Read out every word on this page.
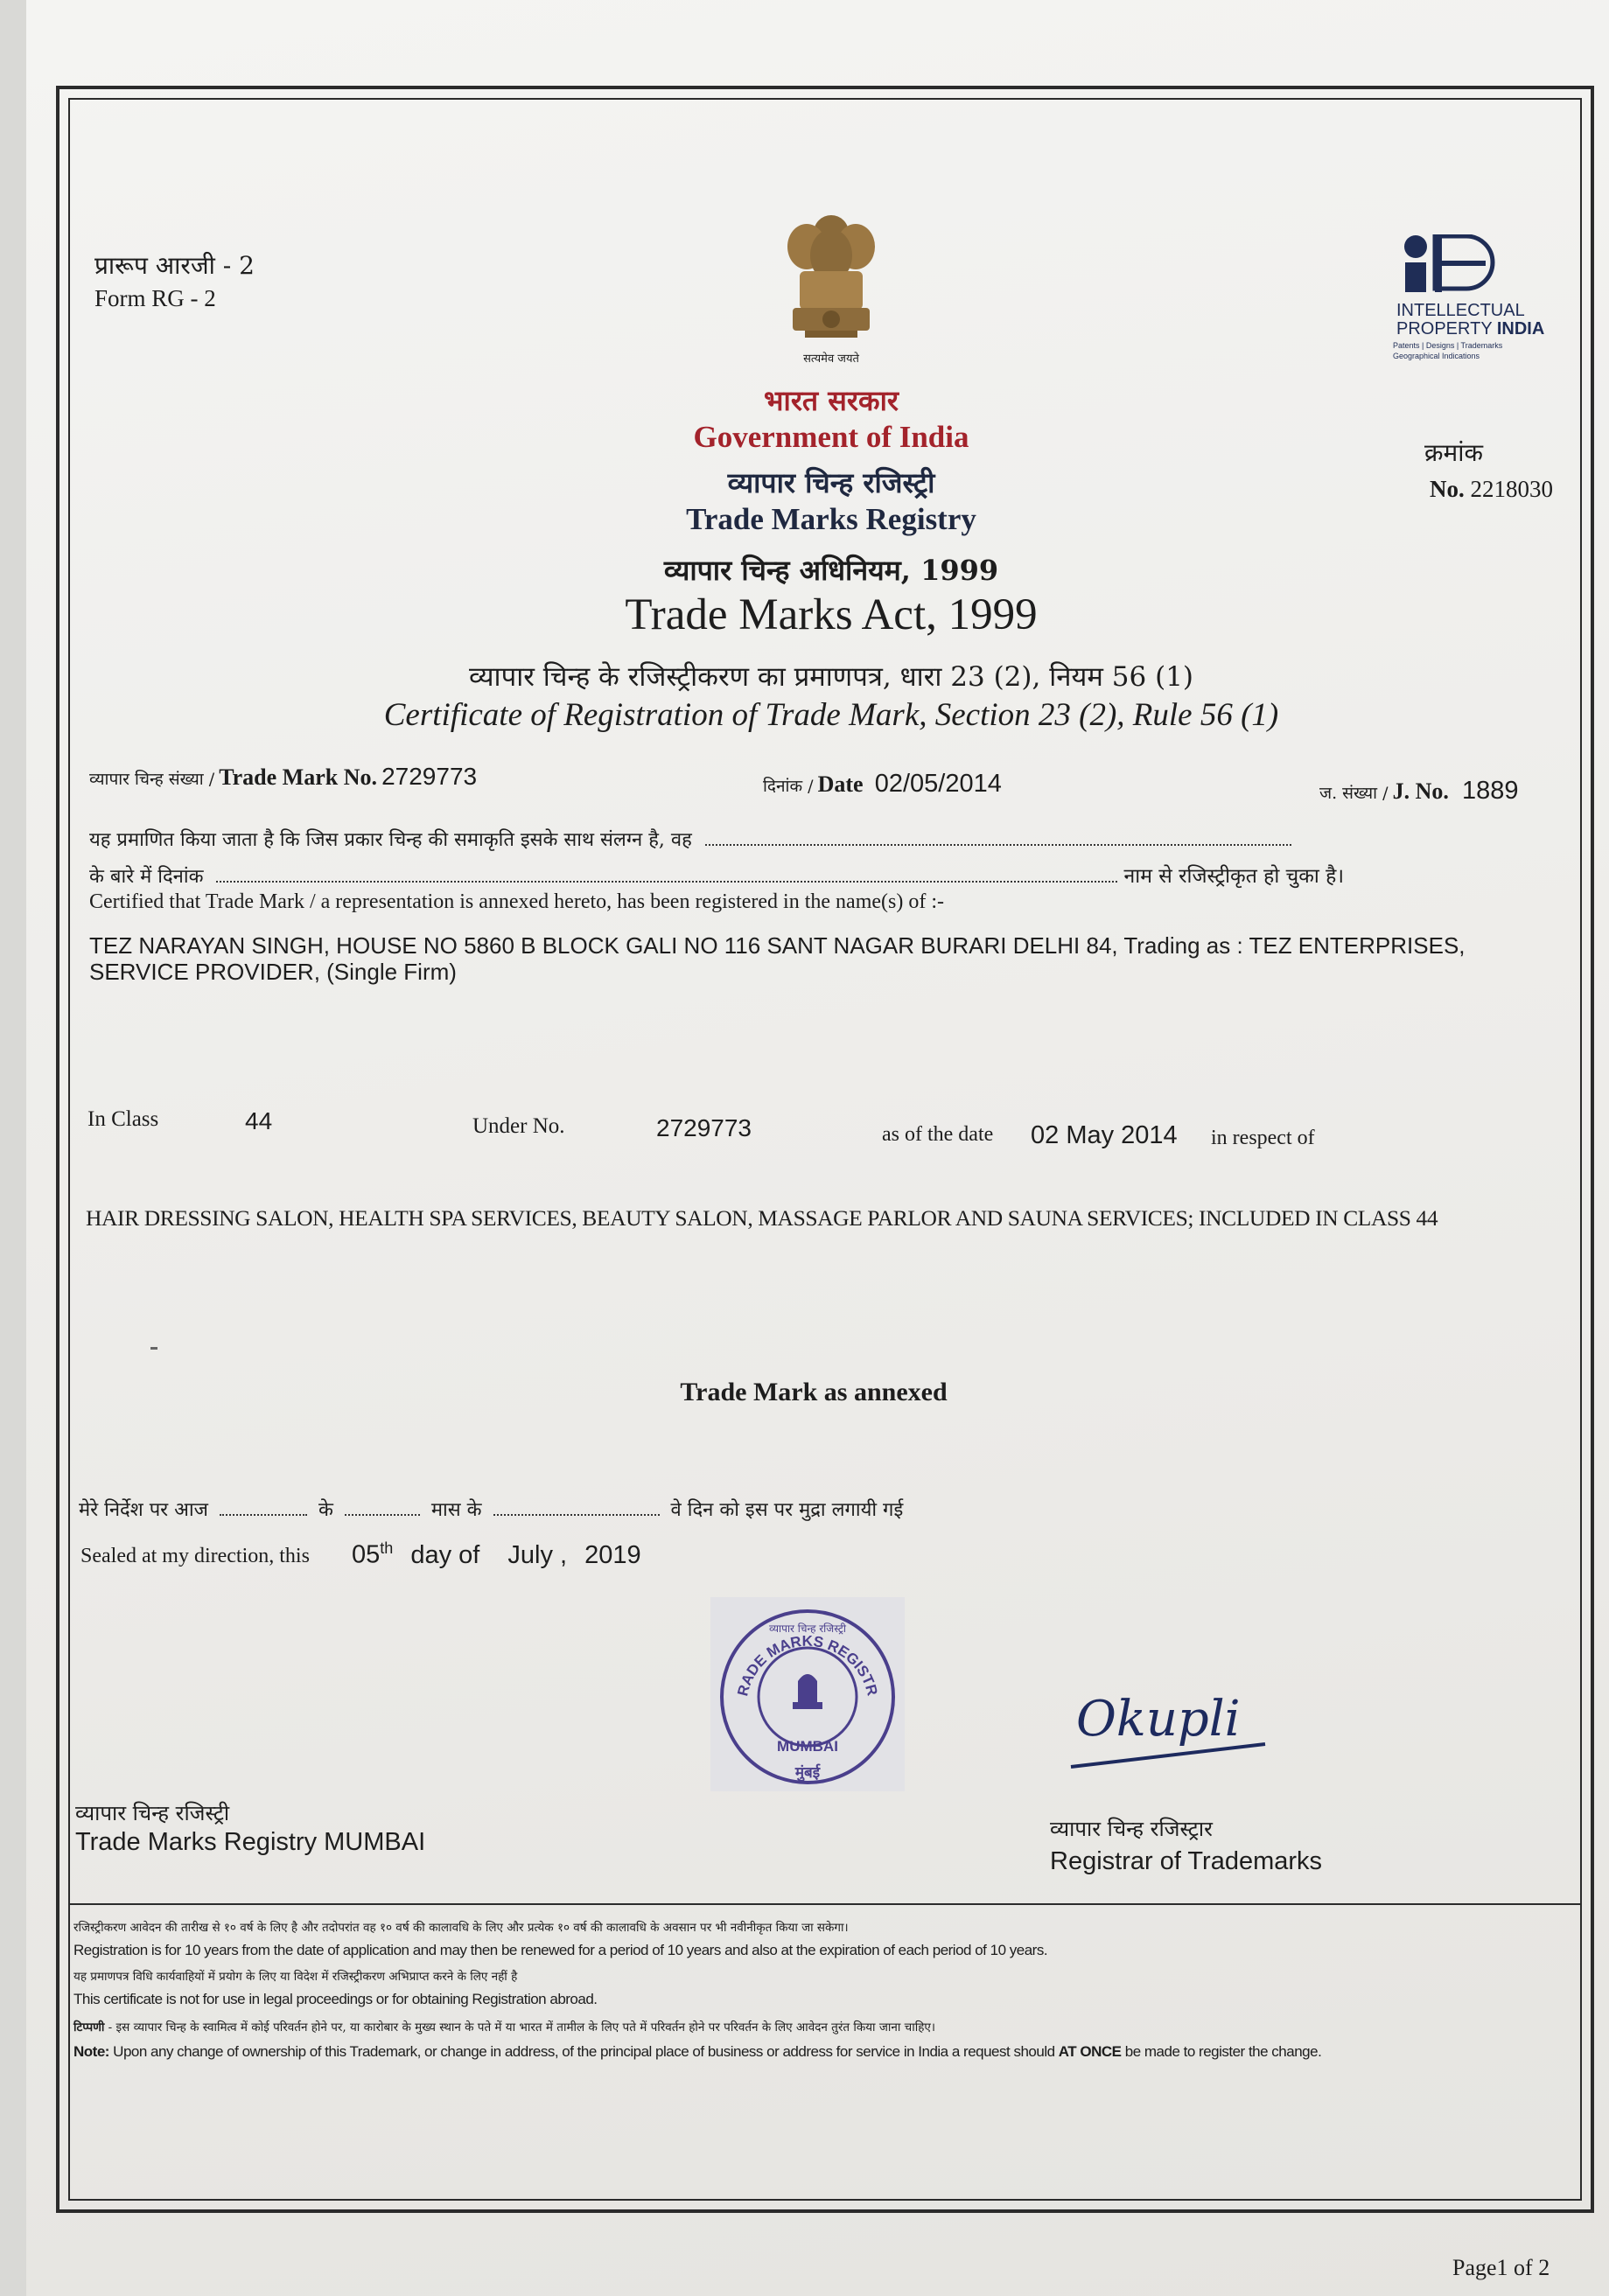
प्रारूप आरजी - 2
Form RG - 2
सत्यमेव जयते
INTELLECTUAL
PROPERTY INDIA
Patents | Designs | Trademarks
Geographical Indications
क्रमांक
No. 2218030
भारत सरकार
Government of India
व्यापार चिन्ह रजिस्ट्री
Trade Marks Registry
व्यापार चिन्ह अधिनियम, 1999
Trade Marks Act, 1999
व्यापार चिन्ह के रजिस्ट्रीकरण का प्रमाणपत्र, धारा 23 (2), नियम 56 (1)
Certificate of Registration of Trade Mark, Section 23 (2), Rule 56 (1)
व्यापार चिन्ह संख्या / Trade Mark No. 2729773	दिनांक / Date 02/05/2014	ज. संख्या / J. No. 1889
यह प्रमाणित किया जाता है कि जिस प्रकार चिन्ह की समाकृति इसके साथ संलग्न है, वह
के बारे में दिनांक	नाम से रजिस्ट्रीकृत हो चुका है।
Certified that Trade Mark / a representation is annexed hereto, has been registered in the name(s) of :-
TEZ NARAYAN SINGH, HOUSE NO 5860 B BLOCK GALI NO 116 SANT NAGAR BURARI DELHI 84, Trading as : TEZ ENTERPRISES,
SERVICE PROVIDER, (Single Firm)
In Class	44	Under No.	2729773	as of the date 02 May 2014 in respect of
HAIR DRESSING SALON, HEALTH SPA SERVICES, BEAUTY SALON, MASSAGE PARLOR AND SAUNA SERVICES; INCLUDED IN CLASS 44
Trade Mark as annexed
मेरे निर्देश पर आज	के	मास के	वे दिन को इस पर मुद्रा लगायी गई
Sealed at my direction, this 05th day of July , 2019
RADE MARKS REGISTR
व्यापार चिन्ह रजिस्ट्री
MUMBAI
मुंबई
Okupli
व्यापार चिन्ह रजिस्ट्री
Trade Marks Registry MUMBAI	व्यापार चिन्ह रजिस्ट्रार
Registrar of Trademarks
रजिस्ट्रीकरण आवेदन की तारीख से १० वर्ष के लिए है और तदोपरांत वह १० वर्ष की कालावधि के लिए और प्रत्येक १० वर्ष की कालावधि के अवसान पर भी नवीनीकृत किया जा सकेगा।
Registration is for 10 years from the date of application and may then be renewed for a period of 10 years and also at the expiration of each period of 10 years.
यह प्रमाणपत्र विधि कार्यवाहियों में प्रयोग के लिए या विदेश में रजिस्ट्रीकरण अभिप्राप्त करने के लिए नहीं है
This certificate is not for use in legal proceedings or for obtaining Registration abroad.
टिप्पणी - इस व्यापार चिन्ह के स्वामित्व में कोई परिवर्तन होने पर, या कारोबार के मुख्य स्थान के पते में या भारत में तामील के लिए पते में परिवर्तन होने पर परिवर्तन के लिए आवेदन तुरंत किया जाना चाहिए।
Note: Upon any change of ownership of this Trademark, or change in address, of the principal place of business or address for service in India a request should AT ONCE be made to register the change.
Page1 of 2
